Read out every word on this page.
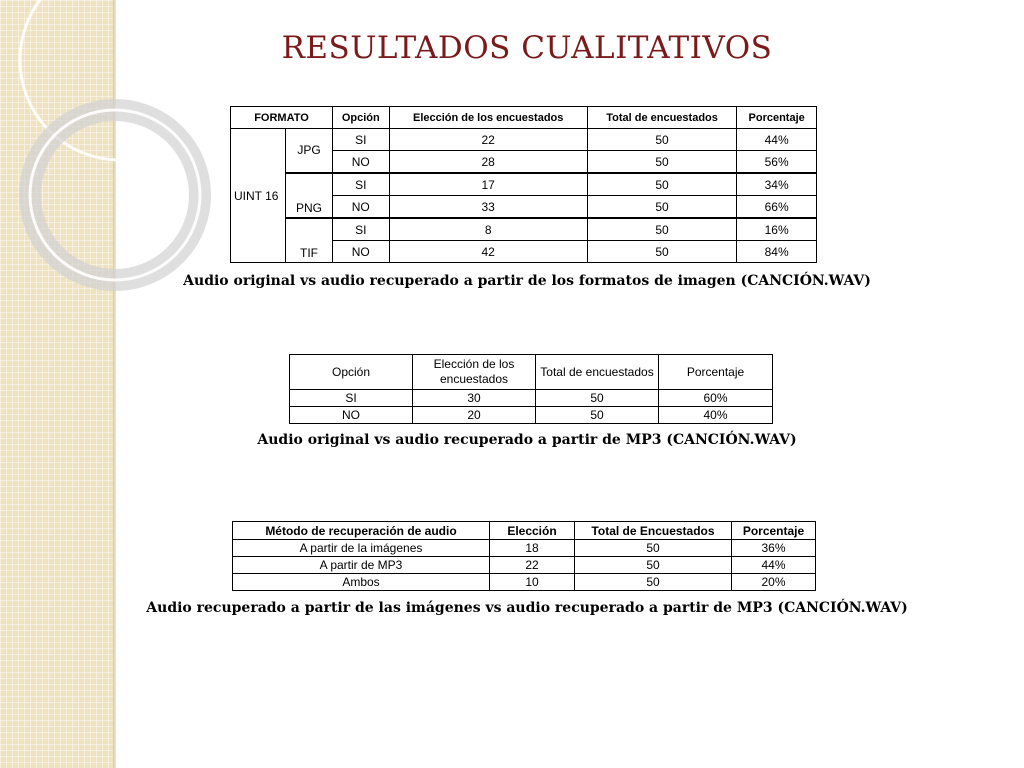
RESULTADOS CUALITATIVOS
FORMATO		Opción	Elección de los encuestados	Total de encuestados	Porcentaje
UINT 16	JPG	SI	22	50	44%
		NO	28	50	56%
	PNG	SI	17	50	34%
		NO	33	50	66%
	TIF	SI	8	50	16%
		NO	42	50	84%
Audio original vs audio recuperado a partir de los formatos de imagen (CANCIÓN.WAV)
Opción	Elección de los encuestados	Total de encuestados	Porcentaje
SI	30	50	60%
NO	20	50	40%
Audio original vs audio recuperado a partir de MP3 (CANCIÓN.WAV)
Método de recuperación de audio	Elección	Total de Encuestados	Porcentaje
A partir de la imágenes	18	50	36%
A partir de MP3	22	50	44%
Ambos	10	50	20%
Audio recuperado a partir de las imágenes vs audio recuperado a partir de MP3 (CANCIÓN.WAV)
